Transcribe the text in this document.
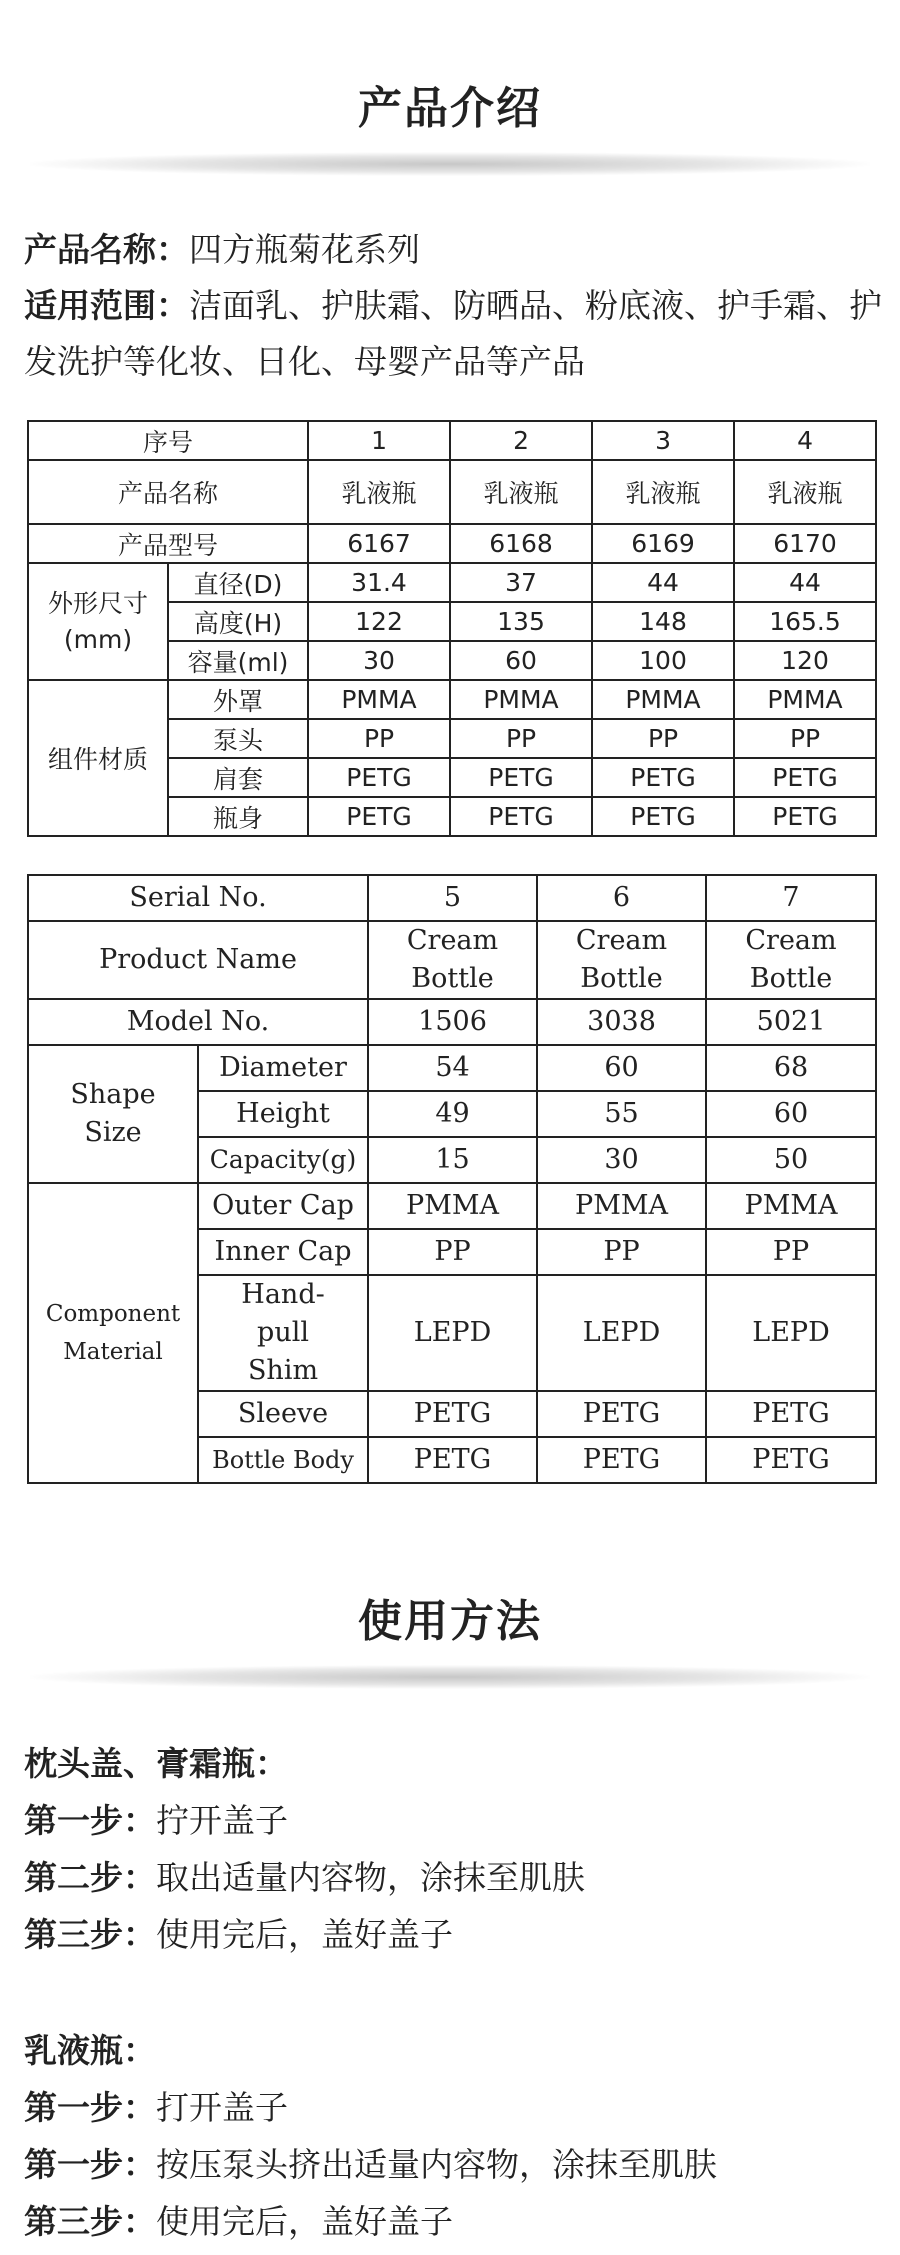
产品介绍
产品名称：四方瓶菊花系列
适用范围：洁面乳、护肤霜、防晒品、粉底液、护手霜、护发洗护等化妆、日化、母婴产品等产品
序号		1	2	3	4
产品名称		乳液瓶	乳液瓶	乳液瓶	乳液瓶
产品型号		6167	6168	6169	6170
外形尺寸(mm)	直径(D)	31.4	37	44	44
	高度(H)	122	135	148	165.5
	容量(ml)	30	60	100	120
组件材质	外罩	PMMA	PMMA	PMMA	PMMA
	泵头	PP	PP	PP	PP
	肩套	PETG	PETG	PETG	PETG
	瓶身	PETG	PETG	PETG	PETG
Serial No.		5	6	7
Product Name		Cream Bottle	Cream Bottle	Cream Bottle
Model No.		1506	3038	5021
Shape Size	Diameter	54	60	68
	Height	49	55	60
	Capacity(g)	15	30	50
Component Material	Outer Cap	PMMA	PMMA	PMMA
	Inner Cap	PP	PP	PP
	Hand-pull Shim	LEPD	LEPD	LEPD
	Sleeve	PETG	PETG	PETG
	Bottle Body	PETG	PETG	PETG
使用方法
枕头盖、膏霜瓶：
第一步：拧开盖子
第二步：取出适量内容物，涂抹至肌肤
第三步：使用完后，盖好盖子
乳液瓶：
第一步：打开盖子
第一步：按压泵头挤出适量内容物，涂抹至肌肤
第三步：使用完后，盖好盖子
